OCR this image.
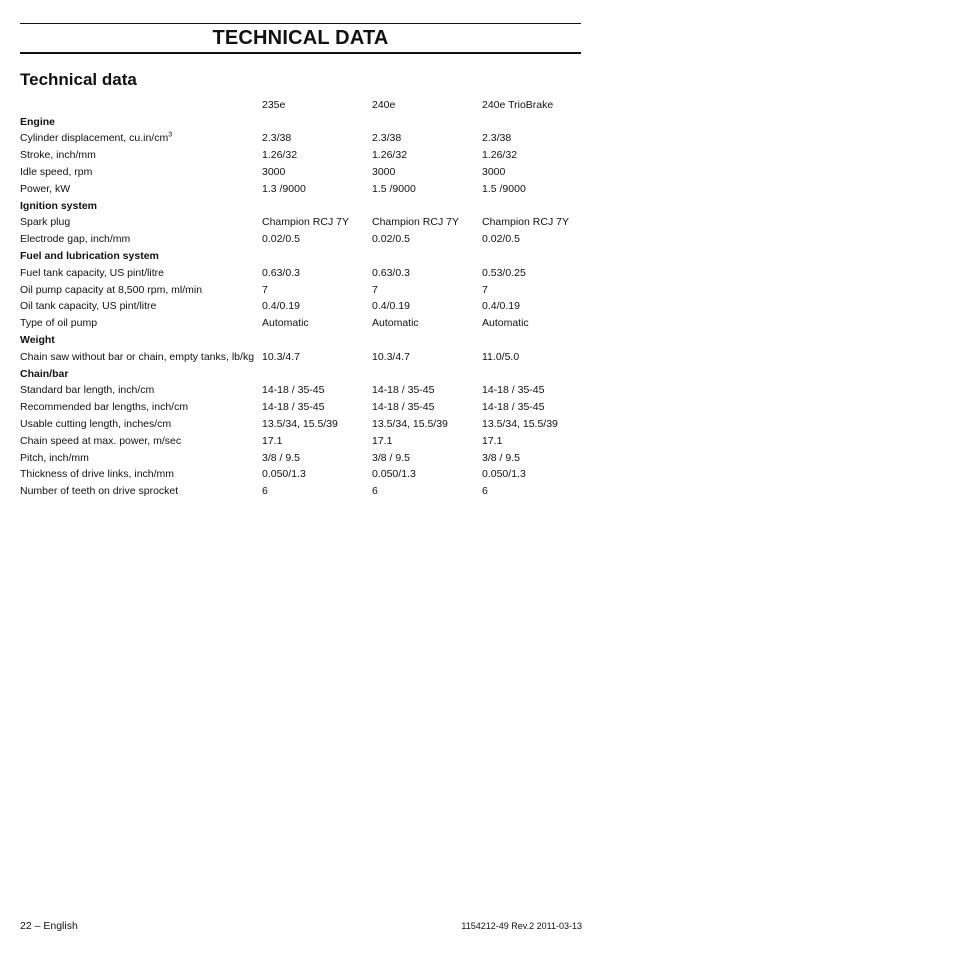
TECHNICAL DATA
Technical data
	235e	240e	240e TrioBrake
Engine			
Cylinder displacement, $cu.in/cm^3$	2.3/38	2.3/38	2.3/38
Stroke, inch/mm	1.26/32	1.26/32	1.26/32
Idle speed, rpm	3000	3000	3000
Power, kW	1.3 /9000	1.5 /9000	1.5 /9000
Ignition system			
Spark plug	Champion RCJ 7Y	Champion RCJ 7Y	Champion RCJ 7Y
Electrode gap, inch/mm	0.02/0.5	0.02/0.5	0.02/0.5
Fuel and lubrication system			
Fuel tank capacity, US pint/litre	0.63/0.3	0.63/0.3	0.53/0.25
Oil pump capacity at 8,500 rpm, ml/min	7	7	7
Oil tank capacity, US pint/litre	0.4/0.19	0.4/0.19	0.4/0.19
Type of oil pump	Automatic	Automatic	Automatic
Weight			
Chain saw without bar or chain, empty tanks, lb/kg	10.3/4.7	10.3/4.7	11.0/5.0
Chain/bar			
Standard bar length, inch/cm	14-18 / 35-45	14-18 / 35-45	14-18 / 35-45
Recommended bar lengths, inch/cm	14-18 / 35-45	14-18 / 35-45	14-18 / 35-45
Usable cutting length, inches/cm	13.5/34, 15.5/39	13.5/34, 15.5/39	13.5/34, 15.5/39
Chain speed at max. power, m/sec	17.1	17.1	17.1
Pitch, inch/mm	3/8 / 9.5	3/8 / 9.5	3/8 / 9.5
Thickness of drive links, inch/mm	0.050/1.3	0.050/1.3	0.050/1.3
Number of teeth on drive sprocket	6	6	6
22 – English	1154212-49 Rev.2 2011-03-13
